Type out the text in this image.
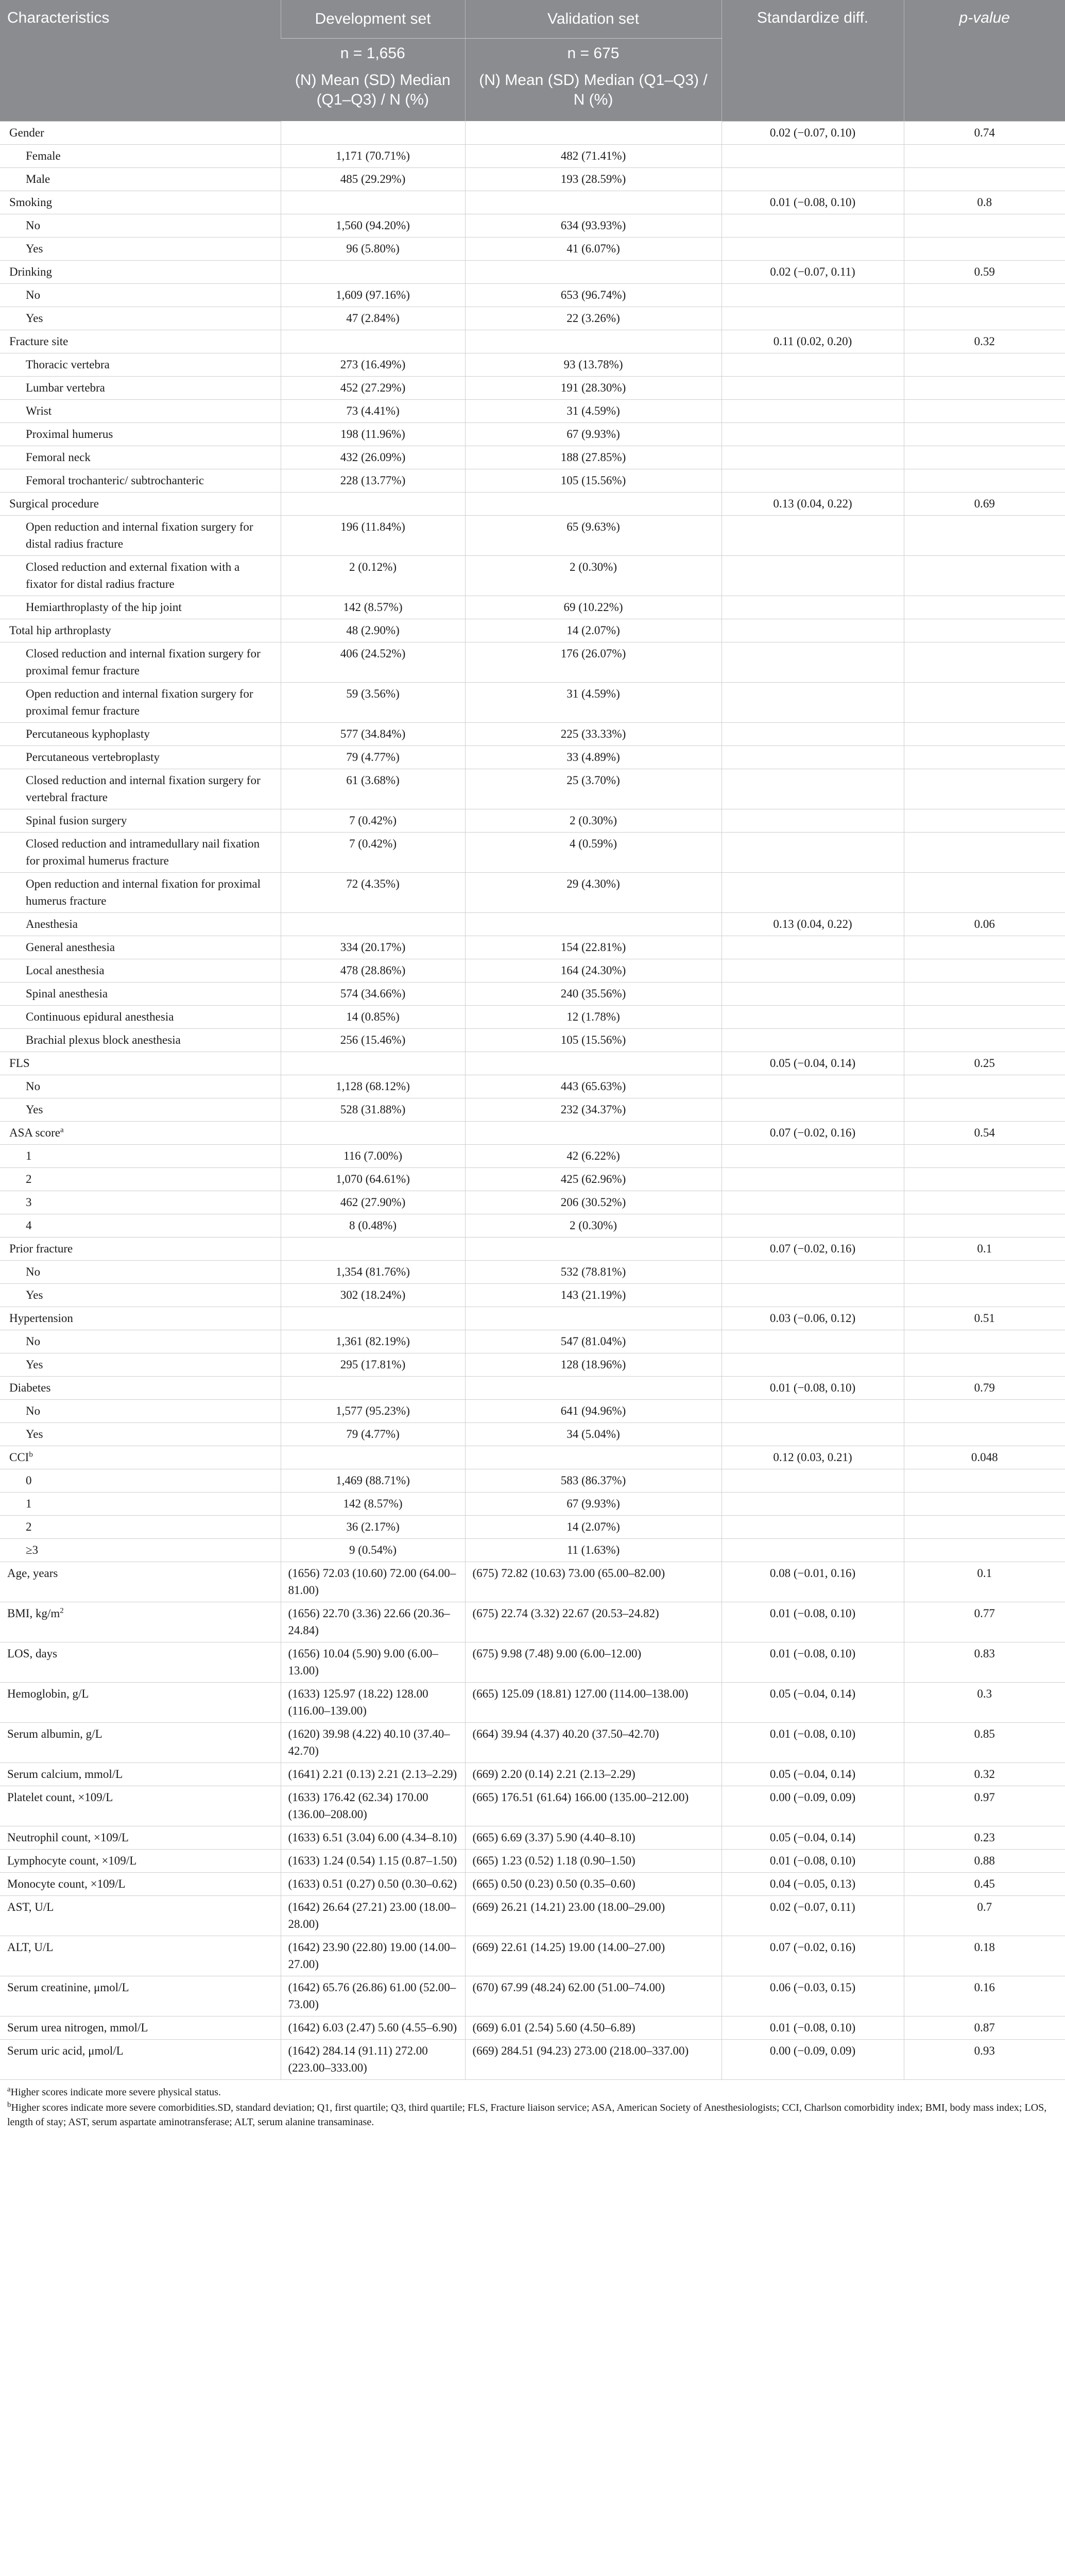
Characteristics	Development set	Validation set	Standardize diff.	p-value
	n = 1,656	n = 675		
	(N) Mean (SD) Median (Q1–Q3) / N (%)	(N) Mean (SD) Median (Q1–Q3) / N (%)		
Gender			0.02 (−0.07, 0.10)	0.74
Female	1,171 (70.71%)	482 (71.41%)		
Male	485 (29.29%)	193 (28.59%)		
Smoking			0.01 (−0.08, 0.10)	0.8
No	1,560 (94.20%)	634 (93.93%)		
Yes	96 (5.80%)	41 (6.07%)		
Drinking			0.02 (−0.07, 0.11)	0.59
No	1,609 (97.16%)	653 (96.74%)		
Yes	47 (2.84%)	22 (3.26%)		
Fracture site			0.11 (0.02, 0.20)	0.32
Thoracic vertebra	273 (16.49%)	93 (13.78%)		
Lumbar vertebra	452 (27.29%)	191 (28.30%)		
Wrist	73 (4.41%)	31 (4.59%)		
Proximal humerus	198 (11.96%)	67 (9.93%)		
Femoral neck	432 (26.09%)	188 (27.85%)		
Femoral trochanteric/ subtrochanteric	228 (13.77%)	105 (15.56%)		
Surgical procedure			0.13 (0.04, 0.22)	0.69
Open reduction and internal fixation surgery for distal radius fracture	196 (11.84%)	65 (9.63%)		
Closed reduction and external fixation with a fixator for distal radius fracture	2 (0.12%)	2 (0.30%)		
Hemiarthroplasty of the hip joint	142 (8.57%)	69 (10.22%)		
Total hip arthroplasty	48 (2.90%)	14 (2.07%)		
Closed reduction and internal fixation surgery for proximal femur fracture	406 (24.52%)	176 (26.07%)		
Open reduction and internal fixation surgery for proximal femur fracture	59 (3.56%)	31 (4.59%)		
Percutaneous kyphoplasty	577 (34.84%)	225 (33.33%)		
Percutaneous vertebroplasty	79 (4.77%)	33 (4.89%)		
Closed reduction and internal fixation surgery for vertebral fracture	61 (3.68%)	25 (3.70%)		
Spinal fusion surgery	7 (0.42%)	2 (0.30%)		
Closed reduction and intramedullary nail fixation for proximal humerus fracture	7 (0.42%)	4 (0.59%)		
Open reduction and internal fixation for proximal humerus fracture	72 (4.35%)	29 (4.30%)		
Anesthesia			0.13 (0.04, 0.22)	0.06
General anesthesia	334 (20.17%)	154 (22.81%)		
Local anesthesia	478 (28.86%)	164 (24.30%)		
Spinal anesthesia	574 (34.66%)	240 (35.56%)		
Continuous epidural anesthesia	14 (0.85%)	12 (1.78%)		
Brachial plexus block anesthesia	256 (15.46%)	105 (15.56%)		
FLS			0.05 (−0.04, 0.14)	0.25
No	1,128 (68.12%)	443 (65.63%)		
Yes	528 (31.88%)	232 (34.37%)		
ASA score$^a$			0.07 (−0.02, 0.16)	0.54
1	116 (7.00%)	42 (6.22%)		
2	1,070 (64.61%)	425 (62.96%)		
3	462 (27.90%)	206 (30.52%)		
4	8 (0.48%)	2 (0.30%)		
Prior fracture			0.07 (−0.02, 0.16)	0.1
No	1,354 (81.76%)	532 (78.81%)		
Yes	302 (18.24%)	143 (21.19%)		
Hypertension			0.03 (−0.06, 0.12)	0.51
No	1,361 (82.19%)	547 (81.04%)		
Yes	295 (17.81%)	128 (18.96%)		
Diabetes			0.01 (−0.08, 0.10)	0.79
No	1,577 (95.23%)	641 (94.96%)		
Yes	79 (4.77%)	34 (5.04%)		
CCI$^b$			0.12 (0.03, 0.21)	0.048
0	1,469 (88.71%)	583 (86.37%)		
1	142 (8.57%)	67 (9.93%)		
2	36 (2.17%)	14 (2.07%)		
≥3	9 (0.54%)	11 (1.63%)		
Age, years	(1656) 72.03 (10.60) 72.00 (64.00–81.00)	(675) 72.82 (10.63) 73.00 (65.00–82.00)	0.08 (−0.01, 0.16)	0.1
BMI, $kg/m^2$	(1656) 22.70 (3.36) 22.66 (20.36–24.84)	(675) 22.74 (3.32) 22.67 (20.53–24.82)	0.01 (−0.08, 0.10)	0.77
LOS, days	(1656) 10.04 (5.90) 9.00 (6.00–13.00)	(675) 9.98 (7.48) 9.00 (6.00–12.00)	0.01 (−0.08, 0.10)	0.83
Hemoglobin, g/L	(1633) 125.97 (18.22) 128.00 (116.00–139.00)	(665) 125.09 (18.81) 127.00 (114.00–138.00)	0.05 (−0.04, 0.14)	0.3
Serum albumin, g/L	(1620) 39.98 (4.22) 40.10 (37.40–42.70)	(664) 39.94 (4.37) 40.20 (37.50–42.70)	0.01 (−0.08, 0.10)	0.85
Serum calcium, mmol/L	(1641) 2.21 (0.13) 2.21 (2.13–2.29)	(669) 2.20 (0.14) 2.21 (2.13–2.29)	0.05 (−0.04, 0.14)	0.32
Platelet count, ×109/L	(1633) 176.42 (62.34) 170.00 (136.00–208.00)	(665) 176.51 (61.64) 166.00 (135.00–212.00)	0.00 (−0.09, 0.09)	0.97
Neutrophil count, ×109/L	(1633) 6.51 (3.04) 6.00 (4.34–8.10)	(665) 6.69 (3.37) 5.90 (4.40–8.10)	0.05 (−0.04, 0.14)	0.23
Lymphocyte count, ×109/L	(1633) 1.24 (0.54) 1.15 (0.87–1.50)	(665) 1.23 (0.52) 1.18 (0.90–1.50)	0.01 (−0.08, 0.10)	0.88
Monocyte count, ×109/L	(1633) 0.51 (0.27) 0.50 (0.30–0.62)	(665) 0.50 (0.23) 0.50 (0.35–0.60)	0.04 (−0.05, 0.13)	0.45
AST, U/L	(1642) 26.64 (27.21) 23.00 (18.00–28.00)	(669) 26.21 (14.21) 23.00 (18.00–29.00)	0.02 (−0.07, 0.11)	0.7
ALT, U/L	(1642) 23.90 (22.80) 19.00 (14.00–27.00)	(669) 22.61 (14.25) 19.00 (14.00–27.00)	0.07 (−0.02, 0.16)	0.18
Serum creatinine, μmol/L	(1642) 65.76 (26.86) 61.00 (52.00–73.00)	(670) 67.99 (48.24) 62.00 (51.00–74.00)	0.06 (−0.03, 0.15)	0.16
Serum urea nitrogen, mmol/L	(1642) 6.03 (2.47) 5.60 (4.55–6.90)	(669) 6.01 (2.54) 5.60 (4.50–6.89)	0.01 (−0.08, 0.10)	0.87
Serum uric acid, μmol/L	(1642) 284.14 (91.11) 272.00 (223.00–333.00)	(669) 284.51 (94.23) 273.00 (218.00–337.00)	0.00 (−0.09, 0.09)	0.93

$^a$Higher scores indicate more severe physical status.

$^b$Higher scores indicate more severe comorbidities.SD, standard deviation; Q1, first quartile; Q3, third quartile; FLS, Fracture liaison service; ASA, American Society of Anesthesiologists; CCI, Charlson comorbidity index; BMI, body mass index; LOS, length of stay; AST, serum aspartate aminotransferase; ALT, serum alanine transaminase.
